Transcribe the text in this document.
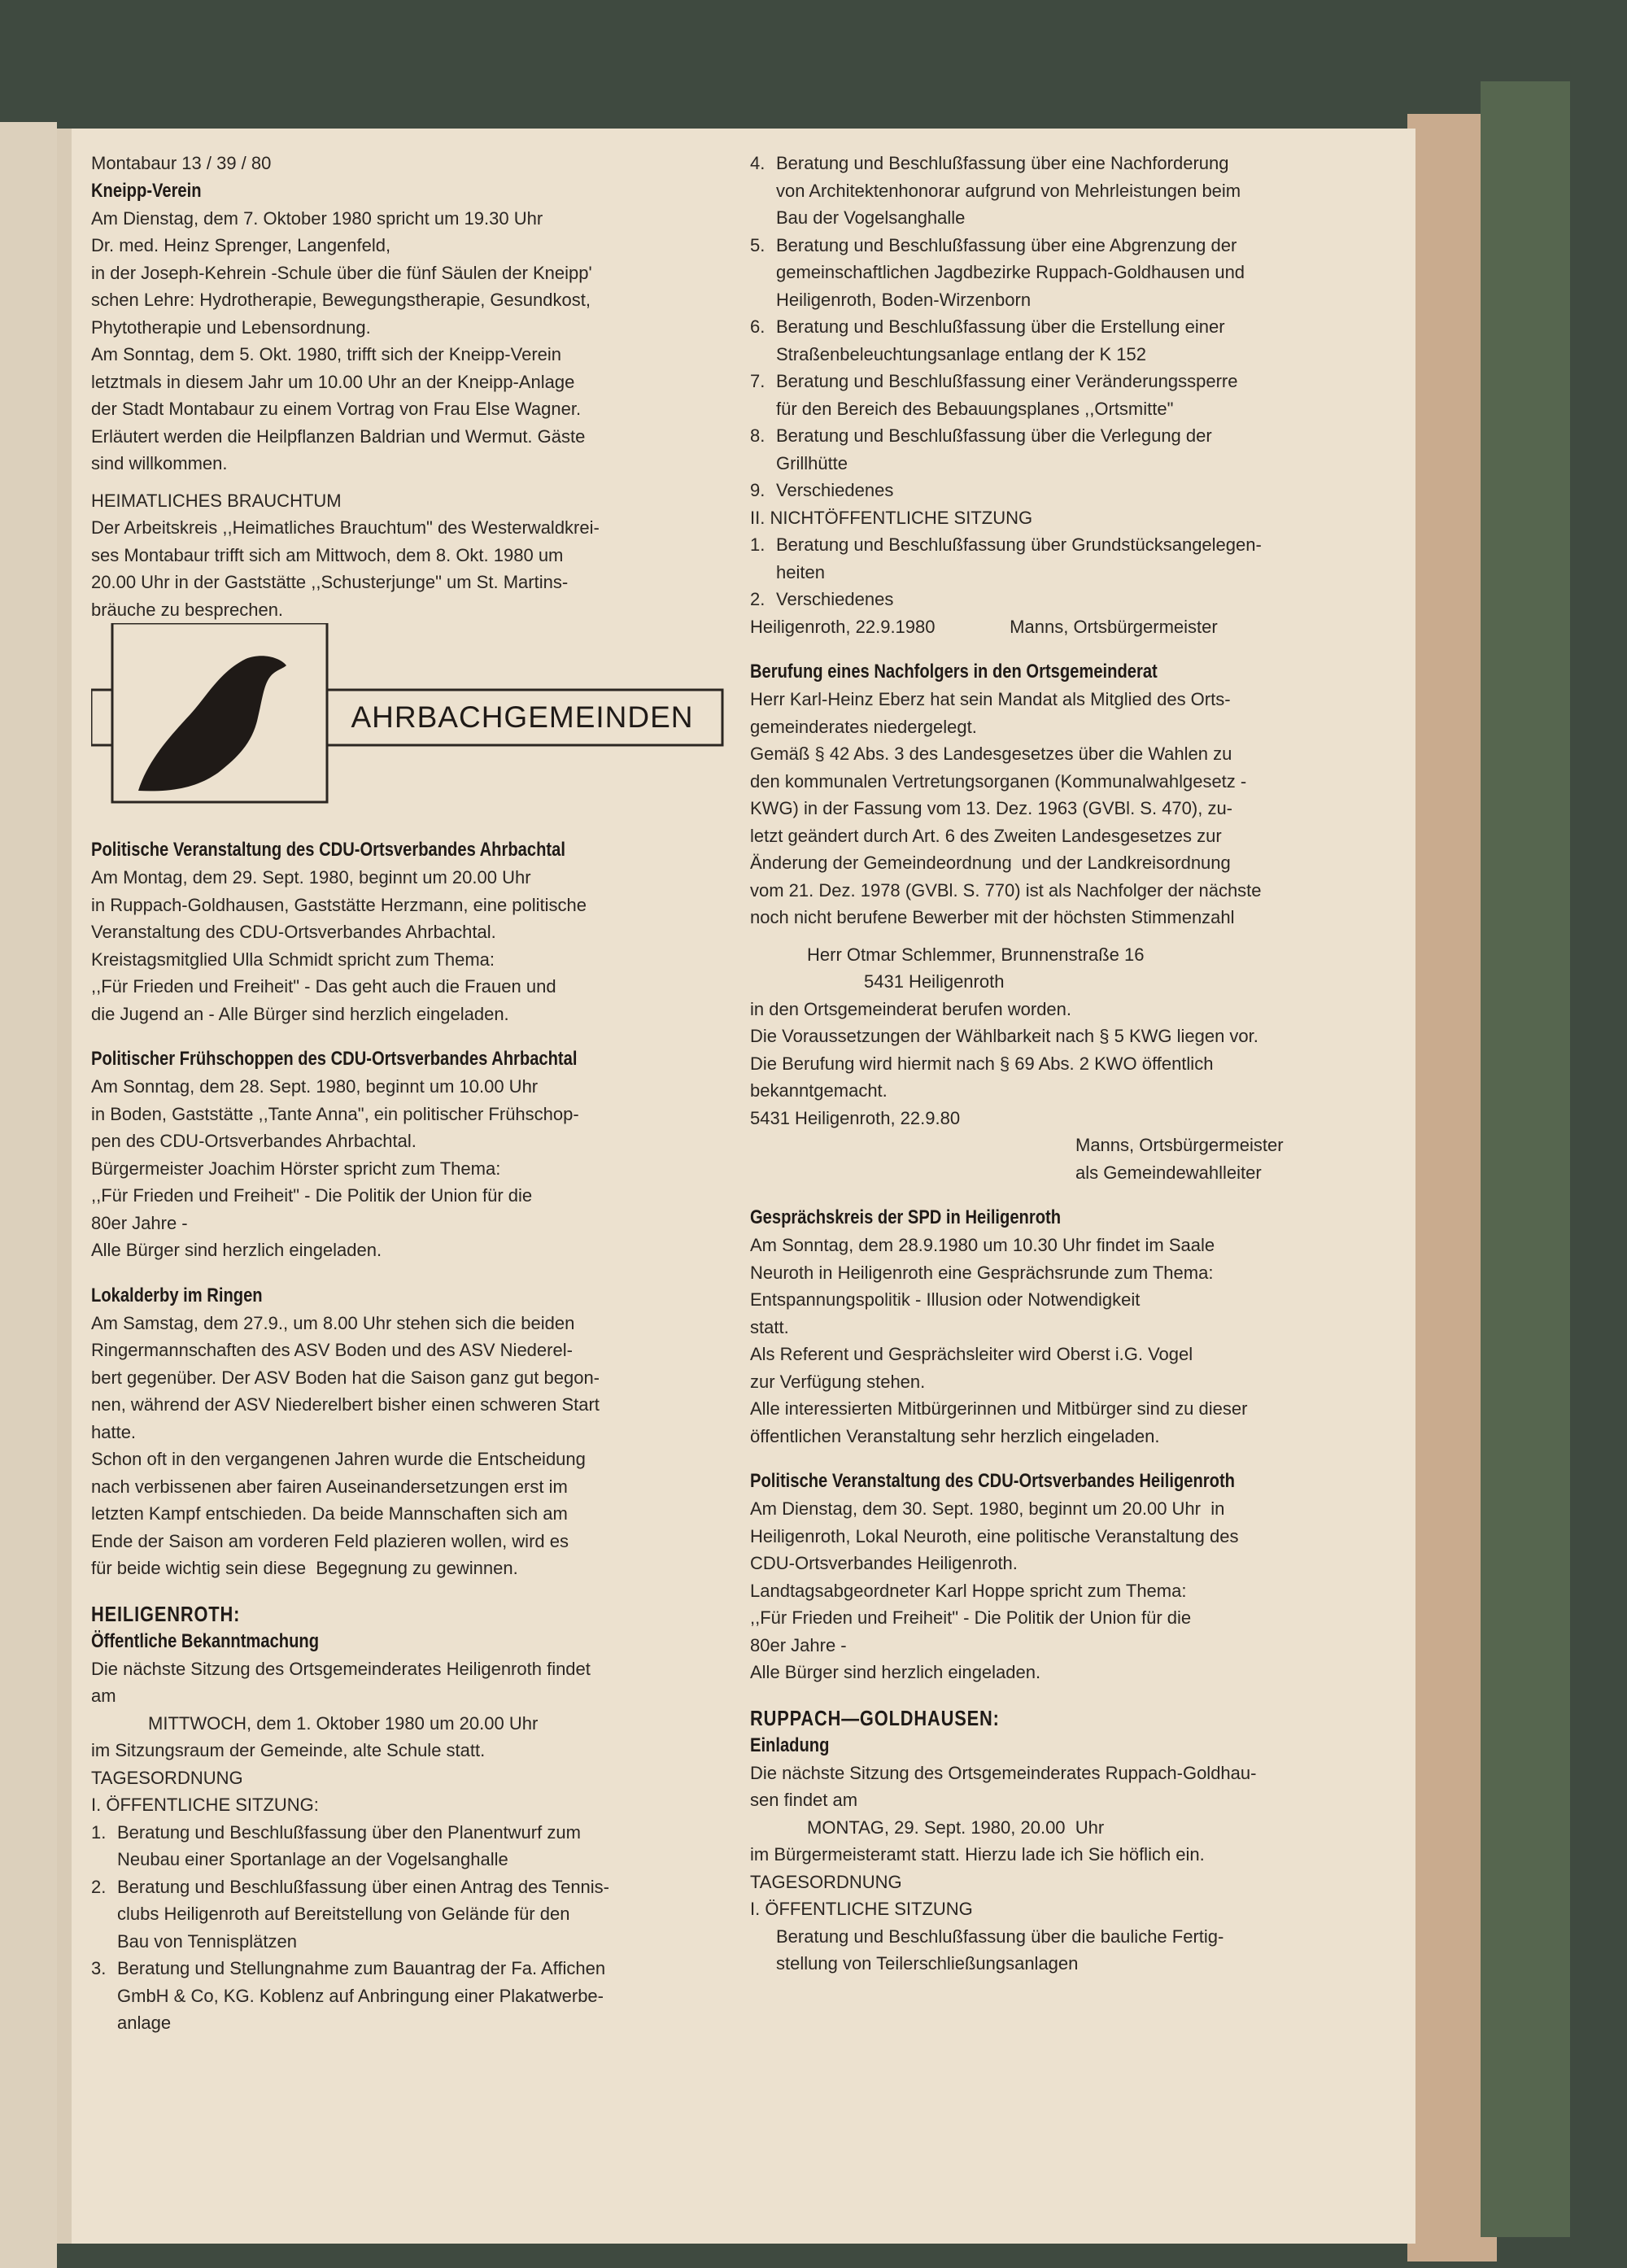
Montabaur 13 / 39 / 80

Kneipp-Verein

Am Dienstag, dem 7. Oktober 1980 spricht um 19.30 Uhr

Dr. med. Heinz Sprenger, Langenfeld,

in der Joseph-Kehrein -Schule über die fünf Säulen der Kneipp'

schen Lehre: Hydrotherapie, Bewegungstherapie, Gesundkost,

Phytotherapie und Lebensordnung.

Am Sonntag, dem 5. Okt. 1980, trifft sich der Kneipp-Verein

letztmals in diesem Jahr um 10.00 Uhr an der Kneipp-Anlage

der Stadt Montabaur zu einem Vortrag von Frau Else Wagner.

Erläutert werden die Heilpflanzen Baldrian und Wermut. Gäste

sind willkommen.

HEIMATLICHES BRAUCHTUM

Der Arbeitskreis ,,Heimatliches Brauchtum" des Westerwaldkrei-

ses Montabaur trifft sich am Mittwoch, dem 8. Okt. 1980 um

20.00 Uhr in der Gaststätte ,,Schusterjunge" um St. Martins-

bräuche zu besprechen.

AHRBACHGEMEINDEN
Politische Veranstaltung des CDU-Ortsverbandes Ahrbachtal

Am Montag, dem 29. Sept. 1980, beginnt um 20.00 Uhr

in Ruppach-Goldhausen, Gaststätte Herzmann, eine politische

Veranstaltung des CDU-Ortsverbandes Ahrbachtal.

Kreistagsmitglied Ulla Schmidt spricht zum Thema:

,,Für Frieden und Freiheit" - Das geht auch die Frauen und

die Jugend an - Alle Bürger sind herzlich eingeladen.

Politischer Frühschoppen des CDU-Ortsverbandes Ahrbachtal

Am Sonntag, dem 28. Sept. 1980, beginnt um 10.00 Uhr

in Boden, Gaststätte ,,Tante Anna", ein politischer Frühschop-

pen des CDU-Ortsverbandes Ahrbachtal.

Bürgermeister Joachim Hörster spricht zum Thema:

,,Für Frieden und Freiheit" - Die Politik der Union für die

80er Jahre -

Alle Bürger sind herzlich eingeladen.

Lokalderby im Ringen

Am Samstag, dem 27.9., um 8.00 Uhr stehen sich die beiden

Ringermannschaften des ASV Boden und des ASV Niederel-

bert gegenüber. Der ASV Boden hat die Saison ganz gut begon-

nen, während der ASV Niederelbert bisher einen schweren Start

hatte.

Schon oft in den vergangenen Jahren wurde die Entscheidung

nach verbissenen aber fairen Auseinandersetzungen erst im

letzten Kampf entschieden. Da beide Mannschaften sich am

Ende der Saison am vorderen Feld plazieren wollen, wird es

für beide wichtig sein diese  Begegnung zu gewinnen.

HEILIGENROTH:
Öffentliche Bekanntmachung

Die nächste Sitzung des Ortsgemeinderates Heiligenroth findet

am

MITTWOCH, dem 1. Oktober 1980 um 20.00 Uhr

im Sitzungsraum der Gemeinde, alte Schule statt.

TAGESORDNUNG

I. ÖFFENTLICHE SITZUNG:

1. Beratung und Beschlußfassung über den Planentwurf zum

Neubau einer Sportanlage an der Vogelsanghalle

2. Beratung und Beschlußfassung über einen Antrag des Tennis-

clubs Heiligenroth auf Bereitstellung von Gelände für den

Bau von Tennisplätzen

3. Beratung und Stellungnahme zum Bauantrag der Fa. Affichen

GmbH & Co, KG. Koblenz auf Anbringung einer Plakatwerbe-

anlage

4. Beratung und Beschlußfassung über eine Nachforderung

von Architektenhonorar aufgrund von Mehrleistungen beim

Bau der Vogelsanghalle

5. Beratung und Beschlußfassung über eine Abgrenzung der

gemeinschaftlichen Jagdbezirke Ruppach-Goldhausen und

Heiligenroth, Boden-Wirzenborn

6. Beratung und Beschlußfassung über die Erstellung einer

Straßenbeleuchtungsanlage entlang der K 152

7. Beratung und Beschlußfassung einer Veränderungssperre

für den Bereich des Bebauungsplanes ,,Ortsmitte"

8. Beratung und Beschlußfassung über die Verlegung der

Grillhütte

9. Verschiedenes

II. NICHTÖFFENTLICHE SITZUNG

1. Beratung und Beschlußfassung über Grundstücksangelegen-

heiten

2. Verschiedenes

Heiligenroth, 22.9.1980               Manns, Ortsbürgermeister

Berufung eines Nachfolgers in den Ortsgemeinderat

Herr Karl-Heinz Eberz hat sein Mandat als Mitglied des Orts-

gemeinderates niedergelegt.

Gemäß § 42 Abs. 3 des Landesgesetzes über die Wahlen zu

den kommunalen Vertretungsorganen (Kommunalwahlgesetz -

KWG) in der Fassung vom 13. Dez. 1963 (GVBl. S. 470), zu-

letzt geändert durch Art. 6 des Zweiten Landesgesetzes zur

Änderung der Gemeindeordnung  und der Landkreisordnung

vom 21. Dez. 1978 (GVBl. S. 770) ist als Nachfolger der nächste

noch nicht berufene Bewerber mit der höchsten Stimmenzahl

Herr Otmar Schlemmer, Brunnenstraße 16

5431 Heiligenroth

in den Ortsgemeinderat berufen worden.

Die Voraussetzungen der Wählbarkeit nach § 5 KWG liegen vor.

Die Berufung wird hiermit nach § 69 Abs. 2 KWO öffentlich

bekanntgemacht.

5431 Heiligenroth, 22.9.80

Manns, Ortsbürgermeister

als Gemeindewahlleiter

Gesprächskreis der SPD in Heiligenroth

Am Sonntag, dem 28.9.1980 um 10.30 Uhr findet im Saale

Neuroth in Heiligenroth eine Gesprächsrunde zum Thema:

Entspannungspolitik - Illusion oder Notwendigkeit

statt.

Als Referent und Gesprächsleiter wird Oberst i.G. Vogel

zur Verfügung stehen.

Alle interessierten Mitbürgerinnen und Mitbürger sind zu dieser

öffentlichen Veranstaltung sehr herzlich eingeladen.

Politische Veranstaltung des CDU-Ortsverbandes Heiligenroth

Am Dienstag, dem 30. Sept. 1980, beginnt um 20.00 Uhr  in

Heiligenroth, Lokal Neuroth, eine politische Veranstaltung des

CDU-Ortsverbandes Heiligenroth.

Landtagsabgeordneter Karl Hoppe spricht zum Thema:

,,Für Frieden und Freiheit" - Die Politik der Union für die

80er Jahre -

Alle Bürger sind herzlich eingeladen.

RUPPACH—GOLDHAUSEN:
Einladung

Die nächste Sitzung des Ortsgemeinderates Ruppach-Goldhau-

sen findet am

MONTAG, 29. Sept. 1980, 20.00  Uhr

im Bürgermeisteramt statt. Hierzu lade ich Sie höflich ein.

TAGESORDNUNG

I. ÖFFENTLICHE SITZUNG

Beratung und Beschlußfassung über die bauliche Fertig-

stellung von Teilerschließungsanlagen
